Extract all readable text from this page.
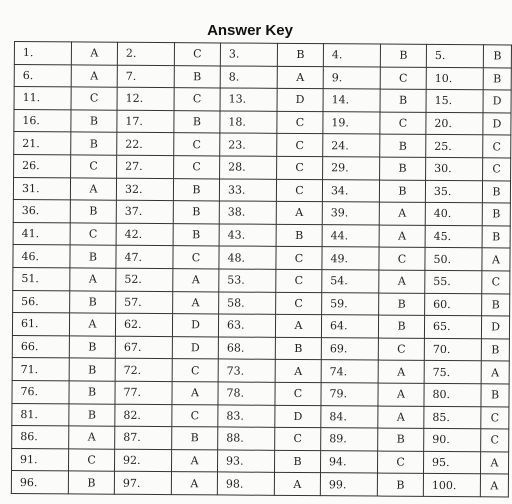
Answer Key
1.	A	2.	C	3.	B	4.	B	5.	B
6.	A	7.	B	8.	A	9.	C	10.	B
11.	C	12.	C	13.	D	14.	B	15.	D
16.	B	17.	B	18.	C	19.	C	20.	D
21.	B	22.	C	23.	C	24.	B	25.	C
26.	C	27.	C	28.	C	29.	B	30.	C
31.	A	32.	B	33.	C	34.	B	35.	B
36.	B	37.	B	38.	A	39.	A	40.	B
41.	C	42.	B	43.	B	44.	A	45.	B
46.	B	47.	C	48.	C	49.	C	50.	A
51.	A	52.	A	53.	C	54.	A	55.	C
56.	B	57.	A	58.	C	59.	B	60.	B
61.	A	62.	D	63.	A	64.	B	65.	D
66.	B	67.	D	68.	B	69.	C	70.	B
71.	B	72.	C	73.	A	74.	A	75.	A
76.	B	77.	A	78.	C	79.	A	80.	B
81.	B	82.	C	83.	D	84.	A	85.	C
86.	A	87.	B	88.	C	89.	B	90.	C
91.	C	92.	A	93.	B	94.	C	95.	A
96.	B	97.	A	98.	A	99.	B	100.	A
